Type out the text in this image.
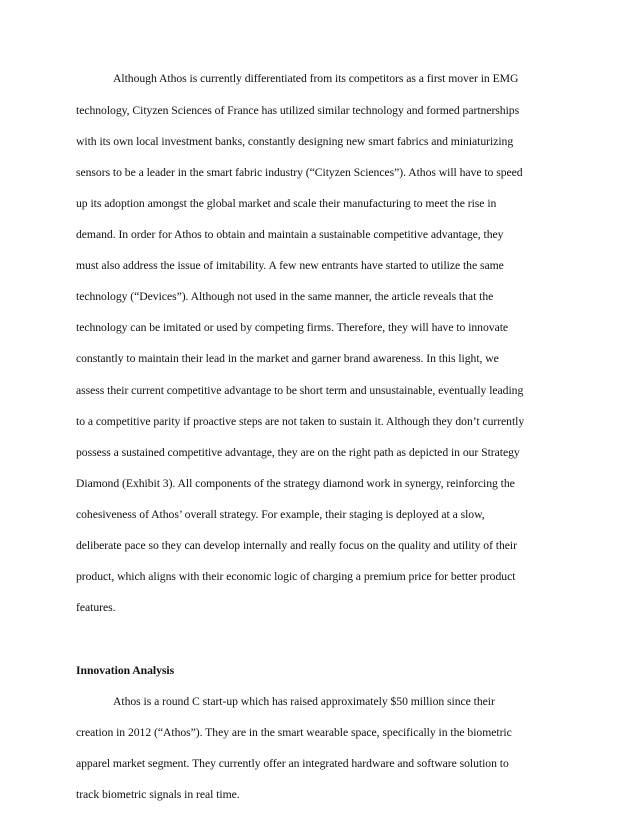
Although Athos is currently differentiated from its competitors as a first mover in EMG
technology, Cityzen Sciences of France has utilized similar technology and formed partnerships
with its own local investment banks, constantly designing new smart fabrics and miniaturizing
sensors to be a leader in the smart fabric industry (“Cityzen Sciences”). Athos will have to speed
up its adoption amongst the global market and scale their manufacturing to meet the rise in
demand. In order for Athos to obtain and maintain a sustainable competitive advantage, they
must also address the issue of imitability. A few new entrants have started to utilize the same
technology (“Devices”). Although not used in the same manner, the article reveals that the
technology can be imitated or used by competing firms. Therefore, they will have to innovate
constantly to maintain their lead in the market and garner brand awareness. In this light, we
assess their current competitive advantage to be short term and unsustainable, eventually leading
to a competitive parity if proactive steps are not taken to sustain it. Although they don’t currently
possess a sustained competitive advantage, they are on the right path as depicted in our Strategy
Diamond (Exhibit 3). All components of the strategy diamond work in synergy, reinforcing the
cohesiveness of Athos’ overall strategy. For example, their staging is deployed at a slow,
deliberate pace so they can develop internally and really focus on the quality and utility of their
product, which aligns with their economic logic of charging a premium price for better product
features.
Innovation Analysis
Athos is a round C start-up which has raised approximately $50 million since their
creation in 2012 (“Athos”). They are in the smart wearable space, specifically in the biometric
apparel market segment. They currently offer an integrated hardware and software solution to
track biometric signals in real time.
